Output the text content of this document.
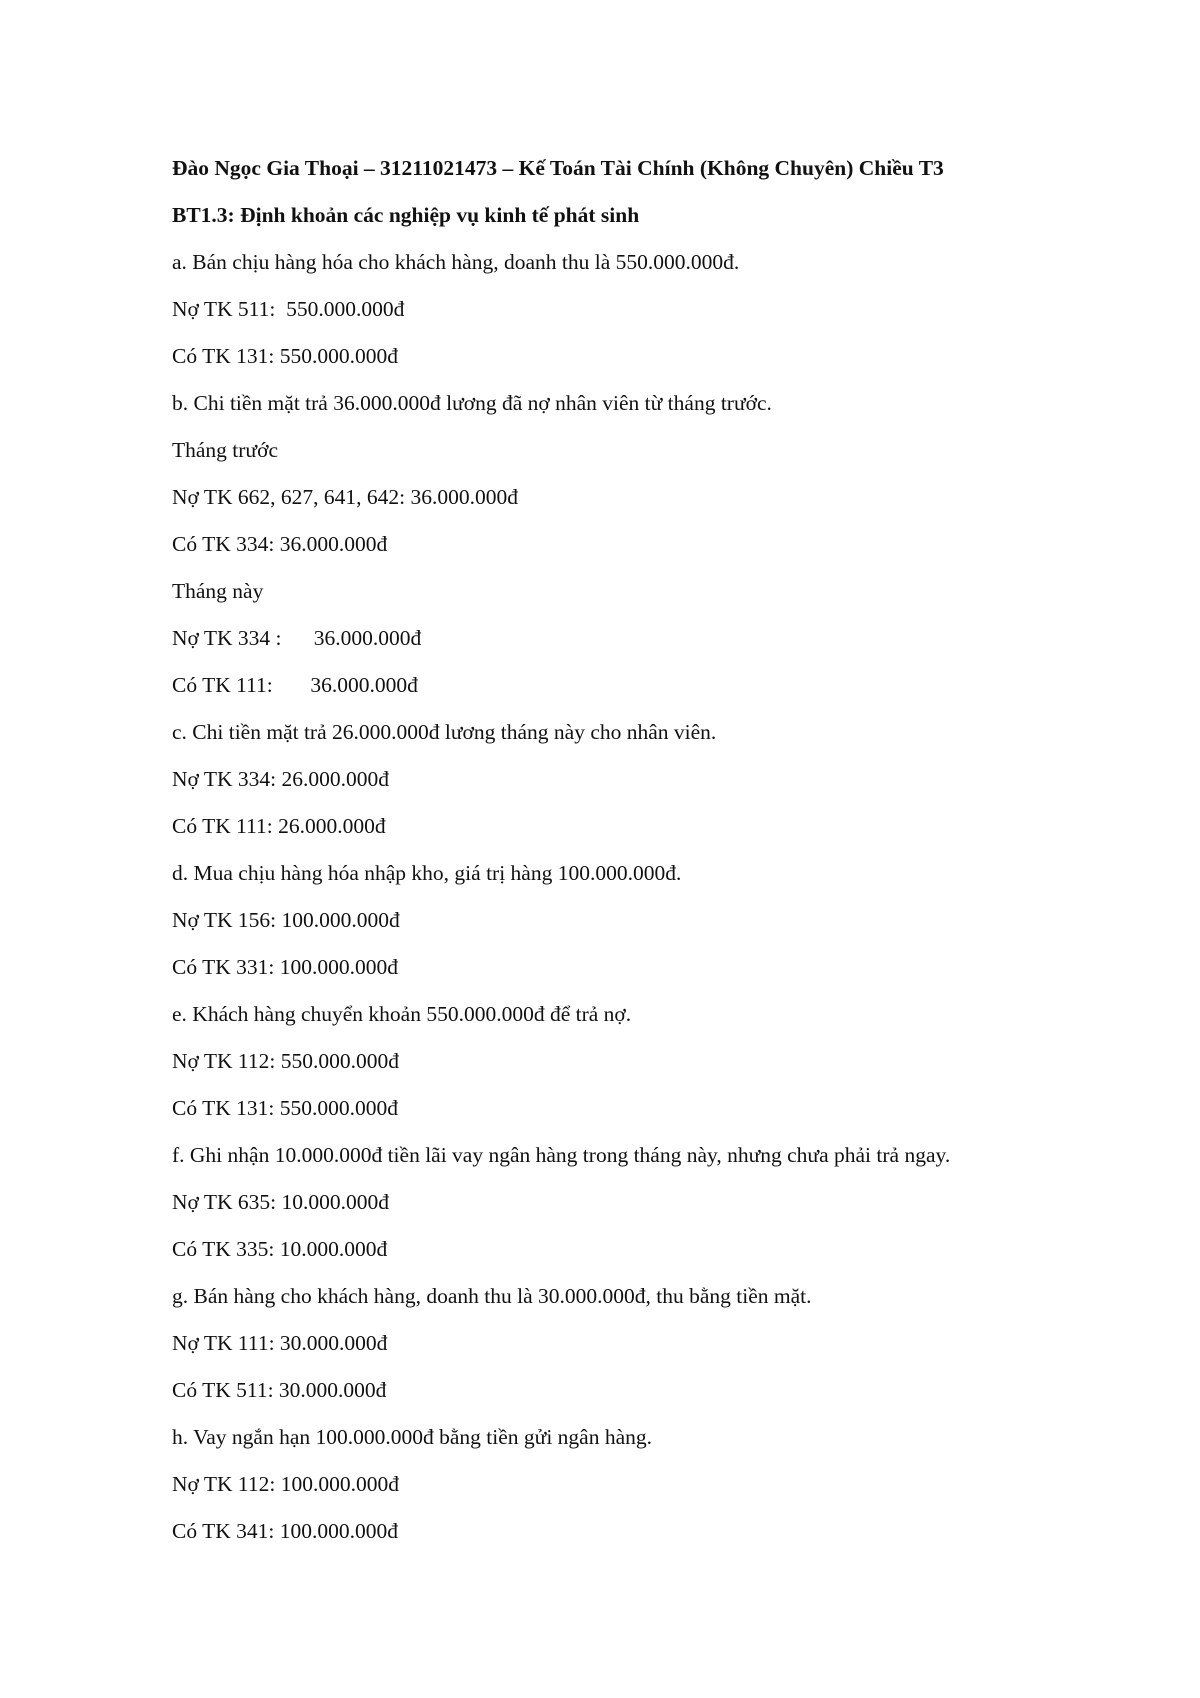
Đào Ngọc Gia Thoại – 31211021473 – Kế Toán Tài Chính (Không Chuyên) Chiều T3
BT1.3: Định khoản các nghiệp vụ kinh tế phát sinh
a. Bán chịu hàng hóa cho khách hàng, doanh thu là 550.000.000đ.
Nợ TK 511:  550.000.000đ
Có TK 131: 550.000.000đ
b. Chi tiền mặt trả 36.000.000đ lương đã nợ nhân viên từ tháng trước.
Tháng trước
Nợ TK 662, 627, 641, 642: 36.000.000đ
Có TK 334: 36.000.000đ
Tháng này
Nợ TK 334 :      36.000.000đ
Có TK 111:       36.000.000đ
c. Chi tiền mặt trả 26.000.000đ lương tháng này cho nhân viên.
Nợ TK 334: 26.000.000đ
Có TK 111: 26.000.000đ
d. Mua chịu hàng hóa nhập kho, giá trị hàng 100.000.000đ.
Nợ TK 156: 100.000.000đ
Có TK 331: 100.000.000đ
e. Khách hàng chuyển khoản 550.000.000đ để trả nợ.
Nợ TK 112: 550.000.000đ
Có TK 131: 550.000.000đ
f. Ghi nhận 10.000.000đ tiền lãi vay ngân hàng trong tháng này, nhưng chưa phải trả ngay.
Nợ TK 635: 10.000.000đ
Có TK 335: 10.000.000đ
g. Bán hàng cho khách hàng, doanh thu là 30.000.000đ, thu bằng tiền mặt.
Nợ TK 111: 30.000.000đ
Có TK 511: 30.000.000đ
h. Vay ngắn hạn 100.000.000đ bằng tiền gửi ngân hàng.
Nợ TK 112: 100.000.000đ
Có TK 341: 100.000.000đ
